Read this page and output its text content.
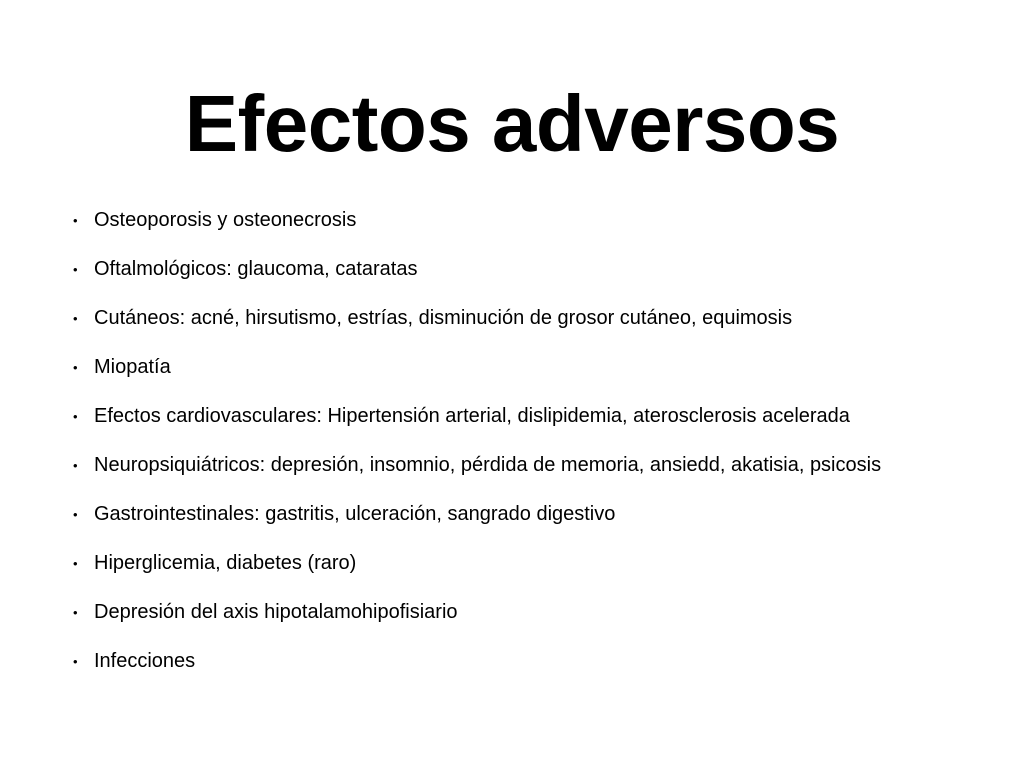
Efectos adversos
• Osteoporosis y osteonecrosis
• Oftalmológicos: glaucoma, cataratas
• Cutáneos: acné, hirsutismo, estrías, disminución de grosor cutáneo, equimosis
• Miopatía
• Efectos cardiovasculares: Hipertensión arterial, dislipidemia, aterosclerosis acelerada
• Neuropsiquiátricos: depresión, insomnio, pérdida de memoria, ansiedd, akatisia, psicosis
• Gastrointestinales: gastritis, ulceración, sangrado digestivo
• Hiperglicemia, diabetes (raro)
• Depresión del axis hipotalamohipofisiario
• Infecciones
